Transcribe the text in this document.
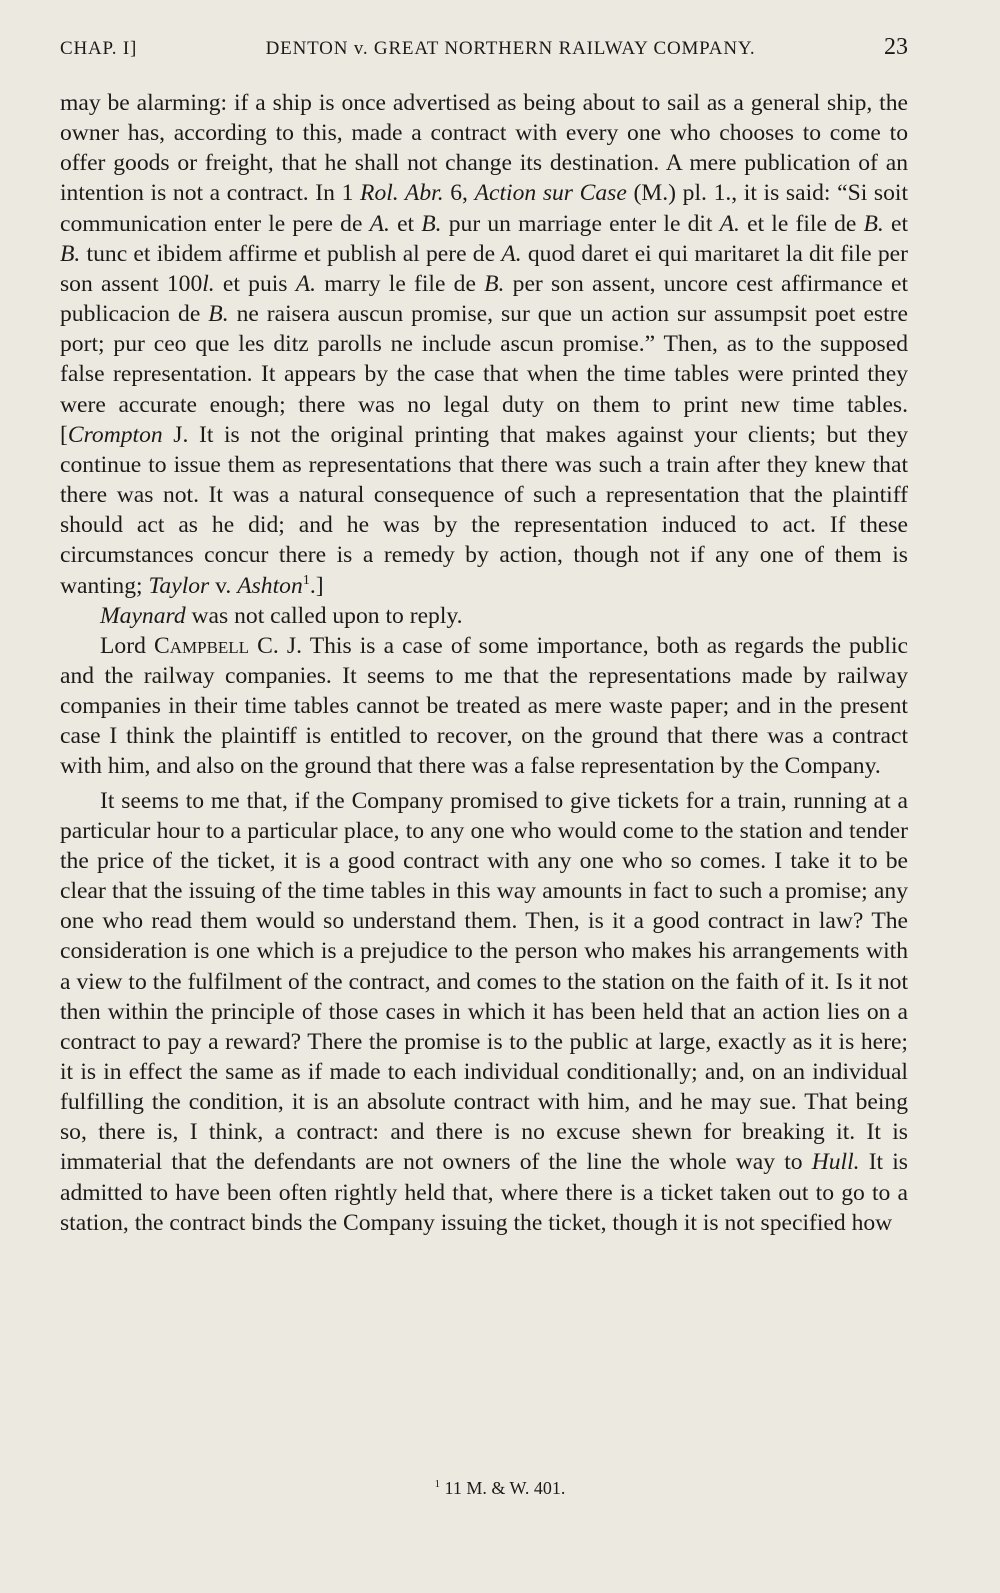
CHAP. I]	DENTON v. GREAT NORTHERN RAILWAY COMPANY.	23

may be alarming: if a ship is once advertised as being about to sail as a general ship, the owner has, according to this, made a contract with every one who chooses to come to offer goods or freight, that he shall not change its destination. A mere publication of an intention is not a contract. In 1 Rol. Abr. 6, Action sur Case (M.) pl. 1., it is said: “Si soit communication enter le pere de A. et B. pur un marriage enter le dit A. et le file de B. et B. tunc et ibidem affirme et publish al pere de A. quod daret ei qui maritaret la dit file per son assent 100l. et puis A. marry le file de B. per son assent, uncore cest affirmance et publicacion de B. ne raisera auscun promise, sur que un action sur assumpsit poet estre port; pur ceo que les ditz parolls ne include ascun promise.” Then, as to the supposed false representation. It appears by the case that when the time tables were printed they were accurate enough; there was no legal duty on them to print new time tables. [Crompton J. It is not the original printing that makes against your clients; but they continue to issue them as representations that there was such a train after they knew that there was not. It was a natural consequence of such a representation that the plaintiff should act as he did; and he was by the representation induced to act. If these circumstances concur there is a remedy by action, though not if any one of them is wanting; Taylor v. Ashton$^1$.]

Maynard was not called upon to reply.

Lord Campbell C. J. This is a case of some importance, both as regards the public and the railway companies. It seems to me that the representations made by railway companies in their time tables cannot be treated as mere waste paper; and in the present case I think the plaintiff is entitled to recover, on the ground that there was a contract with him, and also on the ground that there was a false representation by the Company.

It seems to me that, if the Company promised to give tickets for a train, running at a particular hour to a particular place, to any one who would come to the station and tender the price of the ticket, it is a good contract with any one who so comes. I take it to be clear that the issuing of the time tables in this way amounts in fact to such a promise; any one who read them would so understand them. Then, is it a good contract in law? The consideration is one which is a prejudice to the person who makes his arrangements with a view to the fulfilment of the contract, and comes to the station on the faith of it. Is it not then within the principle of those cases in which it has been held that an action lies on a contract to pay a reward? There the promise is to the public at large, exactly as it is here; it is in effect the same as if made to each individual conditionally; and, on an individual fulfilling the condition, it is an absolute contract with him, and he may sue. That being so, there is, I think, a contract: and there is no excuse shewn for breaking it. It is immaterial that the defendants are not owners of the line the whole way to Hull. It is admitted to have been often rightly held that, where there is a ticket taken out to go to a station, the contract binds the Company issuing the ticket, though it is not specified how

$^1$ 11 M. & W. 401.
